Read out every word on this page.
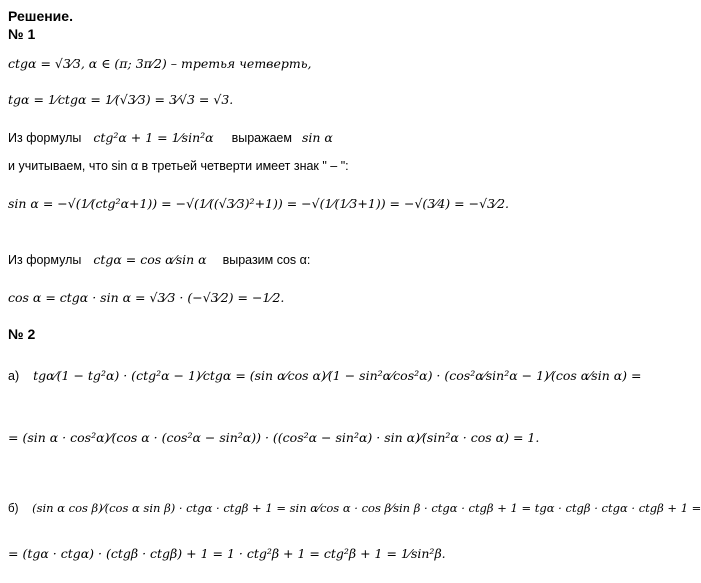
Решение.
№ 1
ctgα = √3⁄3, α ∈ (π; 3π⁄2) – третья четверть,
tgα = 1⁄ctgα = 1⁄(√3⁄3) = 3⁄√3 = √3.
Из формулы ctg²α + 1 = 1⁄sin²α выражаем sin α
и учитываем, что sin α в третьей четверти имеет знак " – ":
sin α = −√(1⁄(ctg²α+1)) = −√(1⁄((√3⁄3)²+1)) = −√(1⁄(1⁄3+1)) = −√(3⁄4) = −√3⁄2.
Из формулы ctgα = cos α⁄sin α выразим cos α:
cos α = ctgα · sin α = √3⁄3 · (−√3⁄2) = −1⁄2.
№ 2
а) tgα⁄(1 − tg²α) · (ctg²α − 1)⁄ctgα = (sin α⁄cos α)⁄(1 − sin²α⁄cos²α) · (cos²α⁄sin²α − 1)⁄(cos α⁄sin α) =
= (sin α · cos²α)⁄(cos α · (cos²α − sin²α)) · ((cos²α − sin²α) · sin α)⁄(sin²α · cos α) = 1.
б) (sin α cos β)⁄(cos α sin β) · ctgα · ctgβ + 1 = sin α⁄cos α · cos β⁄sin β · ctgα · ctgβ + 1 = tgα · ctgβ · ctgα · ctgβ + 1 =
= (tgα · ctgα) · (ctgβ · ctgβ) + 1 = 1 · ctg²β + 1 = ctg²β + 1 = 1⁄sin²β.
